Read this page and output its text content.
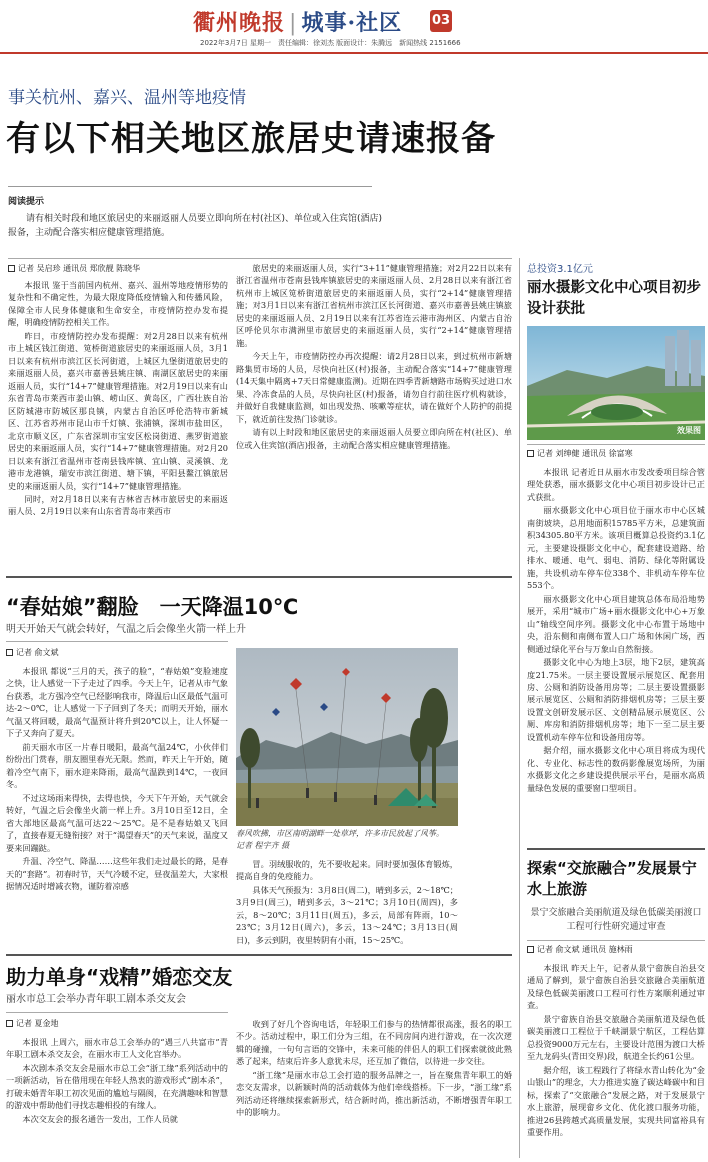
衢州晚报 | 城事·社区 03
2022年3月7日 星期一　责任编辑：徐刘杰 版面设计：朱腾远　新闻热线 2151666
事关杭州、嘉兴、温州等地疫情
有以下相关地区旅居史请速报备
阅读提示
请有相关时段和地区旅居史的来丽返丽人员要立即向所在村(社区)、单位或入住宾馆(酒店)报备，主动配合落实相应健康管理措施。
记者 吴启珍 通讯员 郑欣靓 陈晓华

本报讯 鉴于当前国内杭州、嘉兴、温州等地疫情形势的复杂性和不确定性，为最大限度降低疫情输入和传播风险，保障全市人民身体健康和生命安全，市疫情防控办发布提醒，明确疫情防控相关工作。

昨日，市疫情防控办发布提醒：对2月28日以来有杭州市上城区钱江街道、笕桥街道旅居史的来丽返丽人员，3月1日以来有杭州市滨江区长河街道，上城区九堡街道旅居史的来丽返丽人员，嘉兴市嘉善县姚庄镇、南湖区旅居史的来丽返丽人员，实行“14+7”健康管理措施。对2月19日以来有山东省青岛市莱西市姜山镇、崂山区、黄岛区，广西壮族自治区防城港市防城区那良镇，内蒙古自治区呼伦浩特市新城区、江苏省苏州市昆山市千灯镇、张浦镇，深圳市盐田区，北京市顺义区，广东省深圳市宝安区松岗街道、燕罗街道旅居史的来丽返丽人员，实行“14+7”健康管理措施。对2月20日以来有浙江省温州市苍南县钱库镇、宜山镇、灵溪镇、龙港市龙港镇，瑞安市滨江街道、塘下镇，平阳县鳌江镇旅居史的来丽返丽人员，实行“14+7”健康管理措施。

同时，对2月18日以来有吉林省吉林市旅居史的来丽返丽人员、2月19日以来有山东省青岛市莱西市

旅居史的来丽返丽人员，实行“3+11”健康管理措施；对2月22日以来有浙江省温州市苍南县钱库镇旅居史的来丽返丽人员、2月28日以来有浙江省杭州市上城区笕桥街道旅居史的来丽返丽人员，实行“2+14”健康管理措施；对3月1日以来有浙江省杭州市滨江区长河街道、嘉兴市嘉善县姚庄镇旅居史的来丽返丽人员、2月19日以来有江苏省连云港市海州区、内蒙古自治区呼伦贝尔市满洲里市旅居史的来丽返丽人员，实行“2+14”健康管理措施。

今天上午，市疫情防控办再次提醒：请2月28日以来，到过杭州市新塘路集贸市场的人员，尽快向社区(村)报备，主动配合落实“14+7”健康管理(14天集中隔离+7天日常健康监测)。近期在四季青新塘路市场购买过进口水果、冷冻食品的人员，尽快向社区(村)报备，请勿自行前往医疗机构就诊，并做好自我健康监测，如出现发热、咳嗽等症状，请在做好个人防护的前提下，就近前往发热门诊就诊。

请有以上时段和地区旅居史的来丽返丽人员要立即向所在村(社区)、单位或入住宾馆(酒店)报备，主动配合落实相应健康管理措施。

“春姑娘”翻脸　一天降温10℃
明天开始天气就会转好，气温之后会像坐火箭一样上升
记者 俞文斌

本报讯 都说“三月的天，孩子的脸”，“春姑娘”变脸速度之快，让人感觉一下子走过了四季。今天上午，记者从市气象台获悉，北方强冷空气已经影响我市，降温后山区最低气温可达-2～0℃，让人感觉一下子回到了冬天；而明天开始，丽水气温又将回暖，最高气温预计将升到20℃以上，让人怀疑一下子又奔向了夏天。

前天丽水市区一片春日暖阳，最高气温24℃，小伙伴们纷纷出门赏春，朋友圈里春光无限。然而，昨天上午开始，随着冷空气南下，丽水迎来降雨，最高气温跌到14℃，一夜回冬。

不过这场雨来得快，去得也快，今天下午开始，天气就会转好，气温之后会像坐火箭一样上升。3月10日至12日，全省大部地区最高气温可达22～25℃。是不是春姑娘又飞回了，直接春夏无缝衔接？对于“渴望春天”的天气来说，温度又要来回蹦跶。

升温、冷空气、降温……这些年我们走过最长的路，是春天的“套路”。初春时节，天气冷暖不定，昼夜温差大，大家根据情况适时增减衣物，谨防着凉感

春风吹拂，市区南明湖畔一处草坪，许多市民放起了风筝。　　　　　记者 程宇齐 摄

冒。羽绒服收的，先不要收起来。同时要加强体育锻炼，提高自身的免疫能力。

具体天气预报为：3月8日(周二)，晴到多云，2～18℃；3月9日(周三)，晴到多云，3～21℃；3月10日(周四)，多云，8～20℃；3月11日(周五)，多云，局部有阵雨，10～23℃；3月12日(周六)，多云，13～24℃；3月13日(周日)，多云到阴，夜里转阴有小雨，15～25℃。

助力单身“戏精”婚恋交友
丽水市总工会举办青年职工剧本杀交友会
记者 夏金地

本报讯 上周六，丽水市总工会举办的“遇三八共富市”青年职工剧本杀交友会，在丽水市工人文化宫举办。

本次剧本杀交友会是丽水市总工会“浙工缘”系列活动中的一项新活动，旨在借用现在年轻人热衷的游戏形式“剧本杀”，打破未婚青年职工初次见面的尴尬与隔阂，在充满趣味和智慧的游戏中帮助他们寻找志趣相投的有缘人。

本次交友会的报名通告一发出，工作人员就

收到了好几个咨询电话，年轻职工们参与的热情都很高涨，报名的职工不少。活动过程中，职工们分为三组，在不同房间内进行游戏，在一次次逻辑的碰撞，一句句言语的交锋中，未来可能的伴侣人的职工们探索就彼此熟悉了起来，结束后许多人意犹未尽，还互加了微信，以待进一步交往。

“浙工缘”是丽水市总工会打造的服务品牌之一，旨在聚焦青年职工的婚恋交友需求，以新颖时尚的活动载体为他们牵线搭桥。下一步，“浙工缘”系列活动还将继续探索新形式，结合新时尚，推出新活动，不断增强青年职工中的影响力。

总投资3.1亿元
丽水摄影文化中心项目初步设计获批
效果图
记者 刘绅健 通讯员 徐富寒

本报讯 记者近日从丽水市发改委项目综合管理处获悉，丽水摄影文化中心项目初步设计已正式获批。

丽水摄影文化中心项目位于丽水市中心区城南街坡块，总用地面积15785平方米，总建筑面积34305.80平方米。该项目概算总投资约3.1亿元，主要建设摄影文化中心，配套建设道路、给排水、暖通、电气、弱电、消防、绿化等附属设施，共设机动车停车位338个、非机动车停车位553个。

丽水摄影文化中心项目建筑总体布局沿地势展开，采用“城市广场+丽水摄影文化中心+万象山”轴线空间序列。摄影文化中心布置于场地中央，沿东侧和南侧布置人口广场和休闲广场，西侧通过绿化平台与万象山自然衔接。

摄影文化中心为地上3层，地下2层，建筑高度21.75米。一层主要设置展示展览区、配套用房、公厕和消防设备用房等；二层主要设置摄影展示展览区、公厕和消防排烟机房等；三层主要设置文创研发展示区、文创精品展示展览区、公厕、库房和消防排烟机房等；地下一至二层主要设置机动车停车位和设备用房等。

据介绍，丽水摄影文化中心项目将成为现代化、专业化、标志性的数码影像展览场所，为丽水摄影文化之乡建设提供展示平台，是丽水高质量绿色发展的重要窗口型项目。

探索“交旅融合”发展景宁水上旅游
景宁交旅融合美丽航道及绿色低碳美丽渡口工程可行性研究通过审查
记者 俞文斌 通讯员 施林雨

本报讯 昨天上午，记者从景宁畲族自治县交通局了解到，景宁畲族自治县交旅融合美丽航道及绿色低碳美丽渡口工程可行性方案顺利通过审查。

景宁畲族自治县交旅融合美丽航道及绿色低碳美丽渡口工程位于千峡湖景宁航区，工程估算总投资9000万元左右，主要设计范围为渡口大桥至九龙码头(青田交界)段，航道全长约61公里。

据介绍，该工程践行了将绿水青山转化为“金山银山”的理念，大力推进实施了碳达峰碳中和目标，探索了“交旅融合”发展之路，对于发展景宁水上旅游，展现畲乡文化、优化渡口服务功能，推进26县跨越式高质量发展，实现共同富裕具有重要作用。
